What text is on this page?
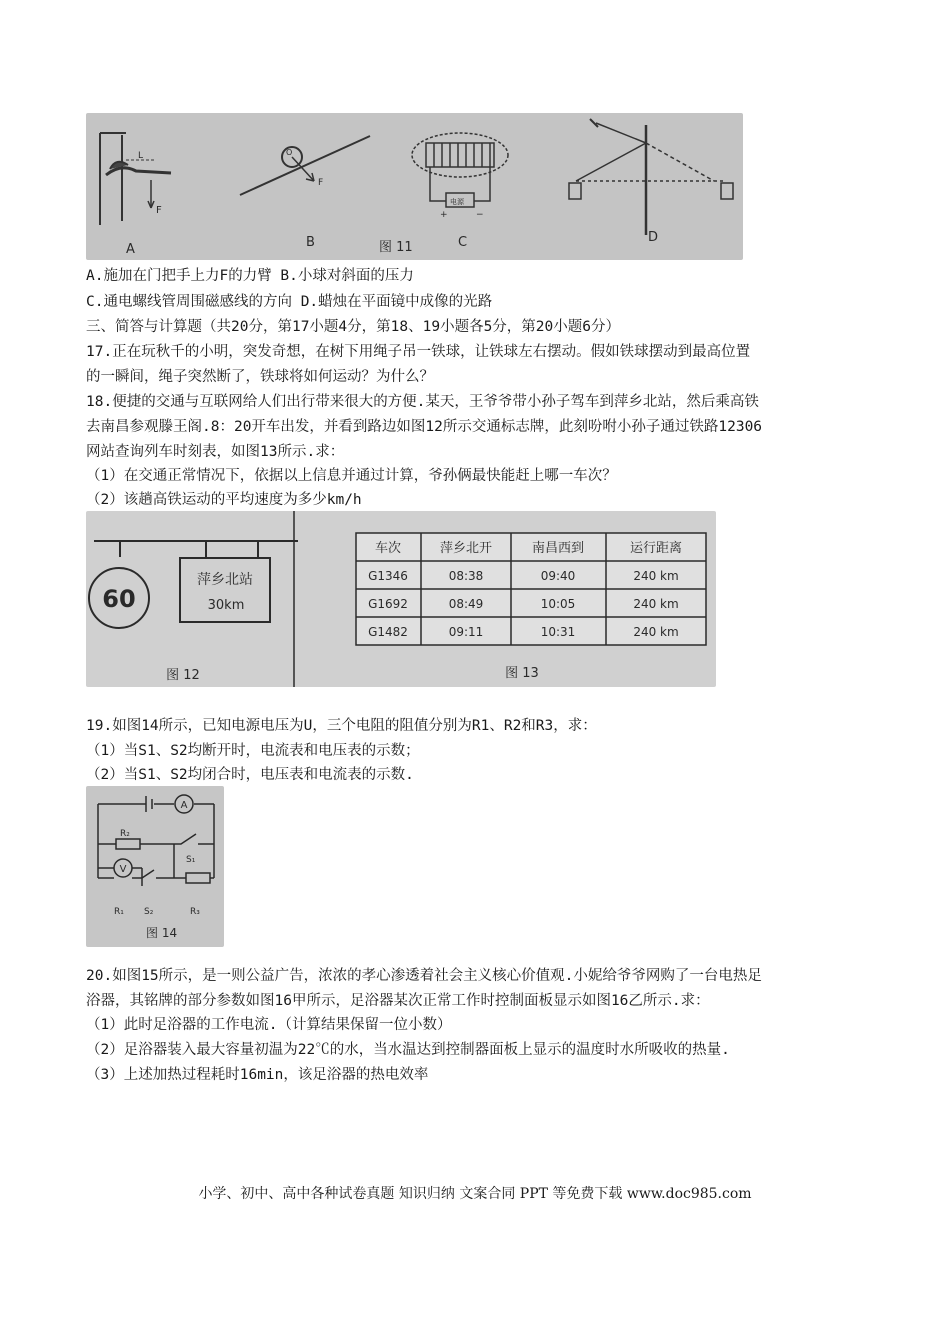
F
L	O
F
电源
+	−
A	B	图 11	C	D
A.施加在门把手上力F的力臂 B.小球对斜面的压力
C.通电螺线管周围磁感线的方向 D.蜡烛在平面镜中成像的光路
三、简答与计算题（共20分，第17小题4分，第18、19小题各5分，第20小题6分）
17.正在玩秋千的小明，突发奇想，在树下用绳子吊一铁球，让铁球左右摆动。假如铁球摆动到最高位置
的一瞬间，绳子突然断了，铁球将如何运动？为什么？
18.便捷的交通与互联网给人们出行带来很大的方便.某天，王爷爷带小孙子驾车到萍乡北站，然后乘高铁
去南昌参观滕王阁.8：20开车出发，并看到路边如图12所示交通标志牌，此刻吩咐小孙子通过铁路12306
网站查询列车时刻表，如图13所示.求：
（1）在交通正常情况下，依据以上信息并通过计算，爷孙俩最快能赶上哪一车次？
（2）该趟高铁运动的平均速度为多少km/h
60
萍乡北站
30km
图 12
车次	萍乡北开	南昌西到	运行距离
G1346	08:38	09:40	240 km
G1692	08:49	10:05	240 km
G1482	09:11	10:31	240 km
图 13
19.如图14所示，已知电源电压为U，三个电阻的阻值分别为R1、R2和R3，求：
（1）当S1、S2均断开时，电流表和电压表的示数；
（2）当S1、S2均闭合时，电压表和电流表的示数.
A
V
R₂
S₁
R₁ S₂	R₃
图 14
20.如图15所示，是一则公益广告，浓浓的孝心渗透着社会主义核心价值观.小妮给爷爷网购了一台电热足
浴器，其铭牌的部分参数如图16甲所示，足浴器某次正常工作时控制面板显示如图16乙所示.求：
（1）此时足浴器的工作电流.（计算结果保留一位小数）
（2）足浴器装入最大容量初温为22℃的水，当水温达到控制器面板上显示的温度时水所吸收的热量.
（3）上述加热过程耗时16min，该足浴器的热电效率
小学、初中、高中各种试卷真题 知识归纳 文案合同 PPT 等免费下载 www.doc985.com
